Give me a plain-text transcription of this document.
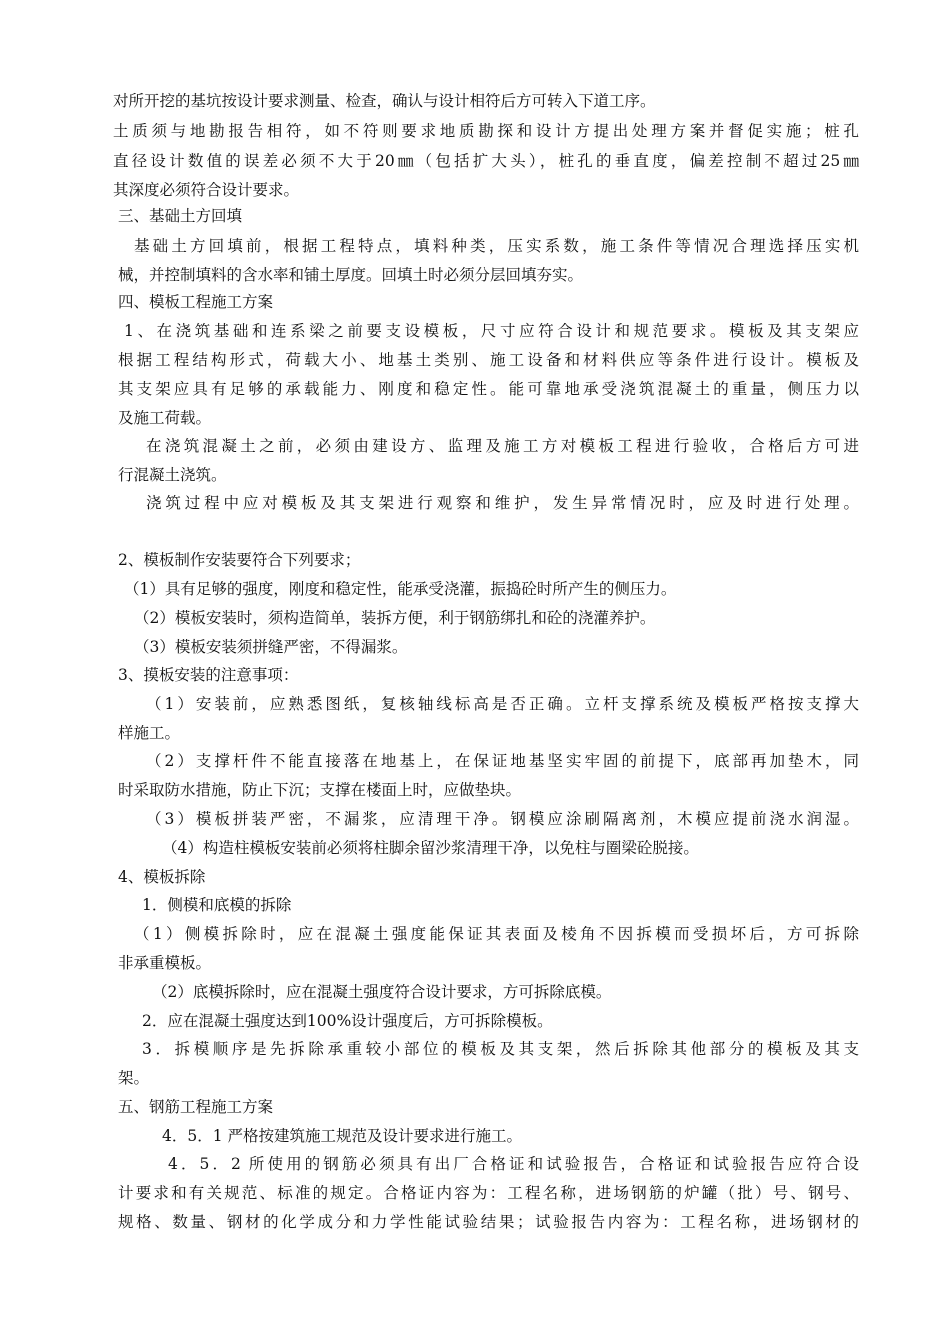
对所开挖的基坑按设计要求测量、检查，确认与设计相符后方可转入下道工序。
土质须与地勘报告相符，如不符则要求地质勘探和设计方提出处理方案并督促实施；桩孔
直径设计数值的误差必须不大于20㎜（包括扩大头），桩孔的垂直度，偏差控制不超过25㎜
其深度必须符合设计要求。
三、基础土方回填
基础土方回填前，根据工程特点，填料种类，压实系数，施工条件等情况合理选择压实机
械，并控制填料的含水率和铺土厚度。回填土时必须分层回填夯实。
四、模板工程施工方案
1、在浇筑基础和连系梁之前要支设模板，尺寸应符合设计和规范要求。模板及其支架应
根据工程结构形式，荷载大小、地基土类别、施工设备和材料供应等条件进行设计。模板及
其支架应具有足够的承载能力、刚度和稳定性。能可靠地承受浇筑混凝土的重量，侧压力以
及施工荷载。
在浇筑混凝土之前，必须由建设方、监理及施工方对模板工程进行验收，合格后方可进
行混凝土浇筑。
浇筑过程中应对模板及其支架进行观察和维护，发生异常情况时，应及时进行处理。
2、模板制作安装要符合下列要求；
（1）具有足够的强度，刚度和稳定性，能承受浇灌，振捣砼时所产生的侧压力。
（2）模板安装时，须构造简单，装拆方便，利于钢筋绑扎和砼的浇灌养护。
（3）模板安装须拼缝严密，不得漏浆。
3、摸板安装的注意事项：
（1）安装前，应熟悉图纸，复核轴线标高是否正确。立杆支撑系统及模板严格按支撑大
样施工。
（2）支撑杆件不能直接落在地基上，在保证地基坚实牢固的前提下，底部再加垫木，同
时采取防水措施，防止下沉；支撑在楼面上时，应做垫块。
（3）模板拼装严密，不漏浆，应清理干净。钢模应涂刷隔离剂，木模应提前浇水润湿。
（4）构造柱模板安装前必须将柱脚余留沙浆清理干净，以免柱与圈梁砼脱接。
4、模板拆除
1．侧模和底模的拆除
（1）侧模拆除时，应在混凝土强度能保证其表面及棱角不因拆模而受损坏后，方可拆除
非承重模板。
（2）底模拆除时，应在混凝土强度符合设计要求，方可拆除底模。
2．应在混凝土强度达到100%设计强度后，方可拆除模板。
3．拆模顺序是先拆除承重较小部位的模板及其支架，然后拆除其他部分的模板及其支
架。
五、钢筋工程施工方案
4．5．1 严格按建筑施工规范及设计要求进行施工。
4．5．2 所使用的钢筋必须具有出厂合格证和试验报告，合格证和试验报告应符合设
计要求和有关规范、标准的规定。合格证内容为：工程名称，进场钢筋的炉罐（批）号、钢号、
规格、数量、钢材的化学成分和力学性能试验结果；试验报告内容为：工程名称，进场钢材的
